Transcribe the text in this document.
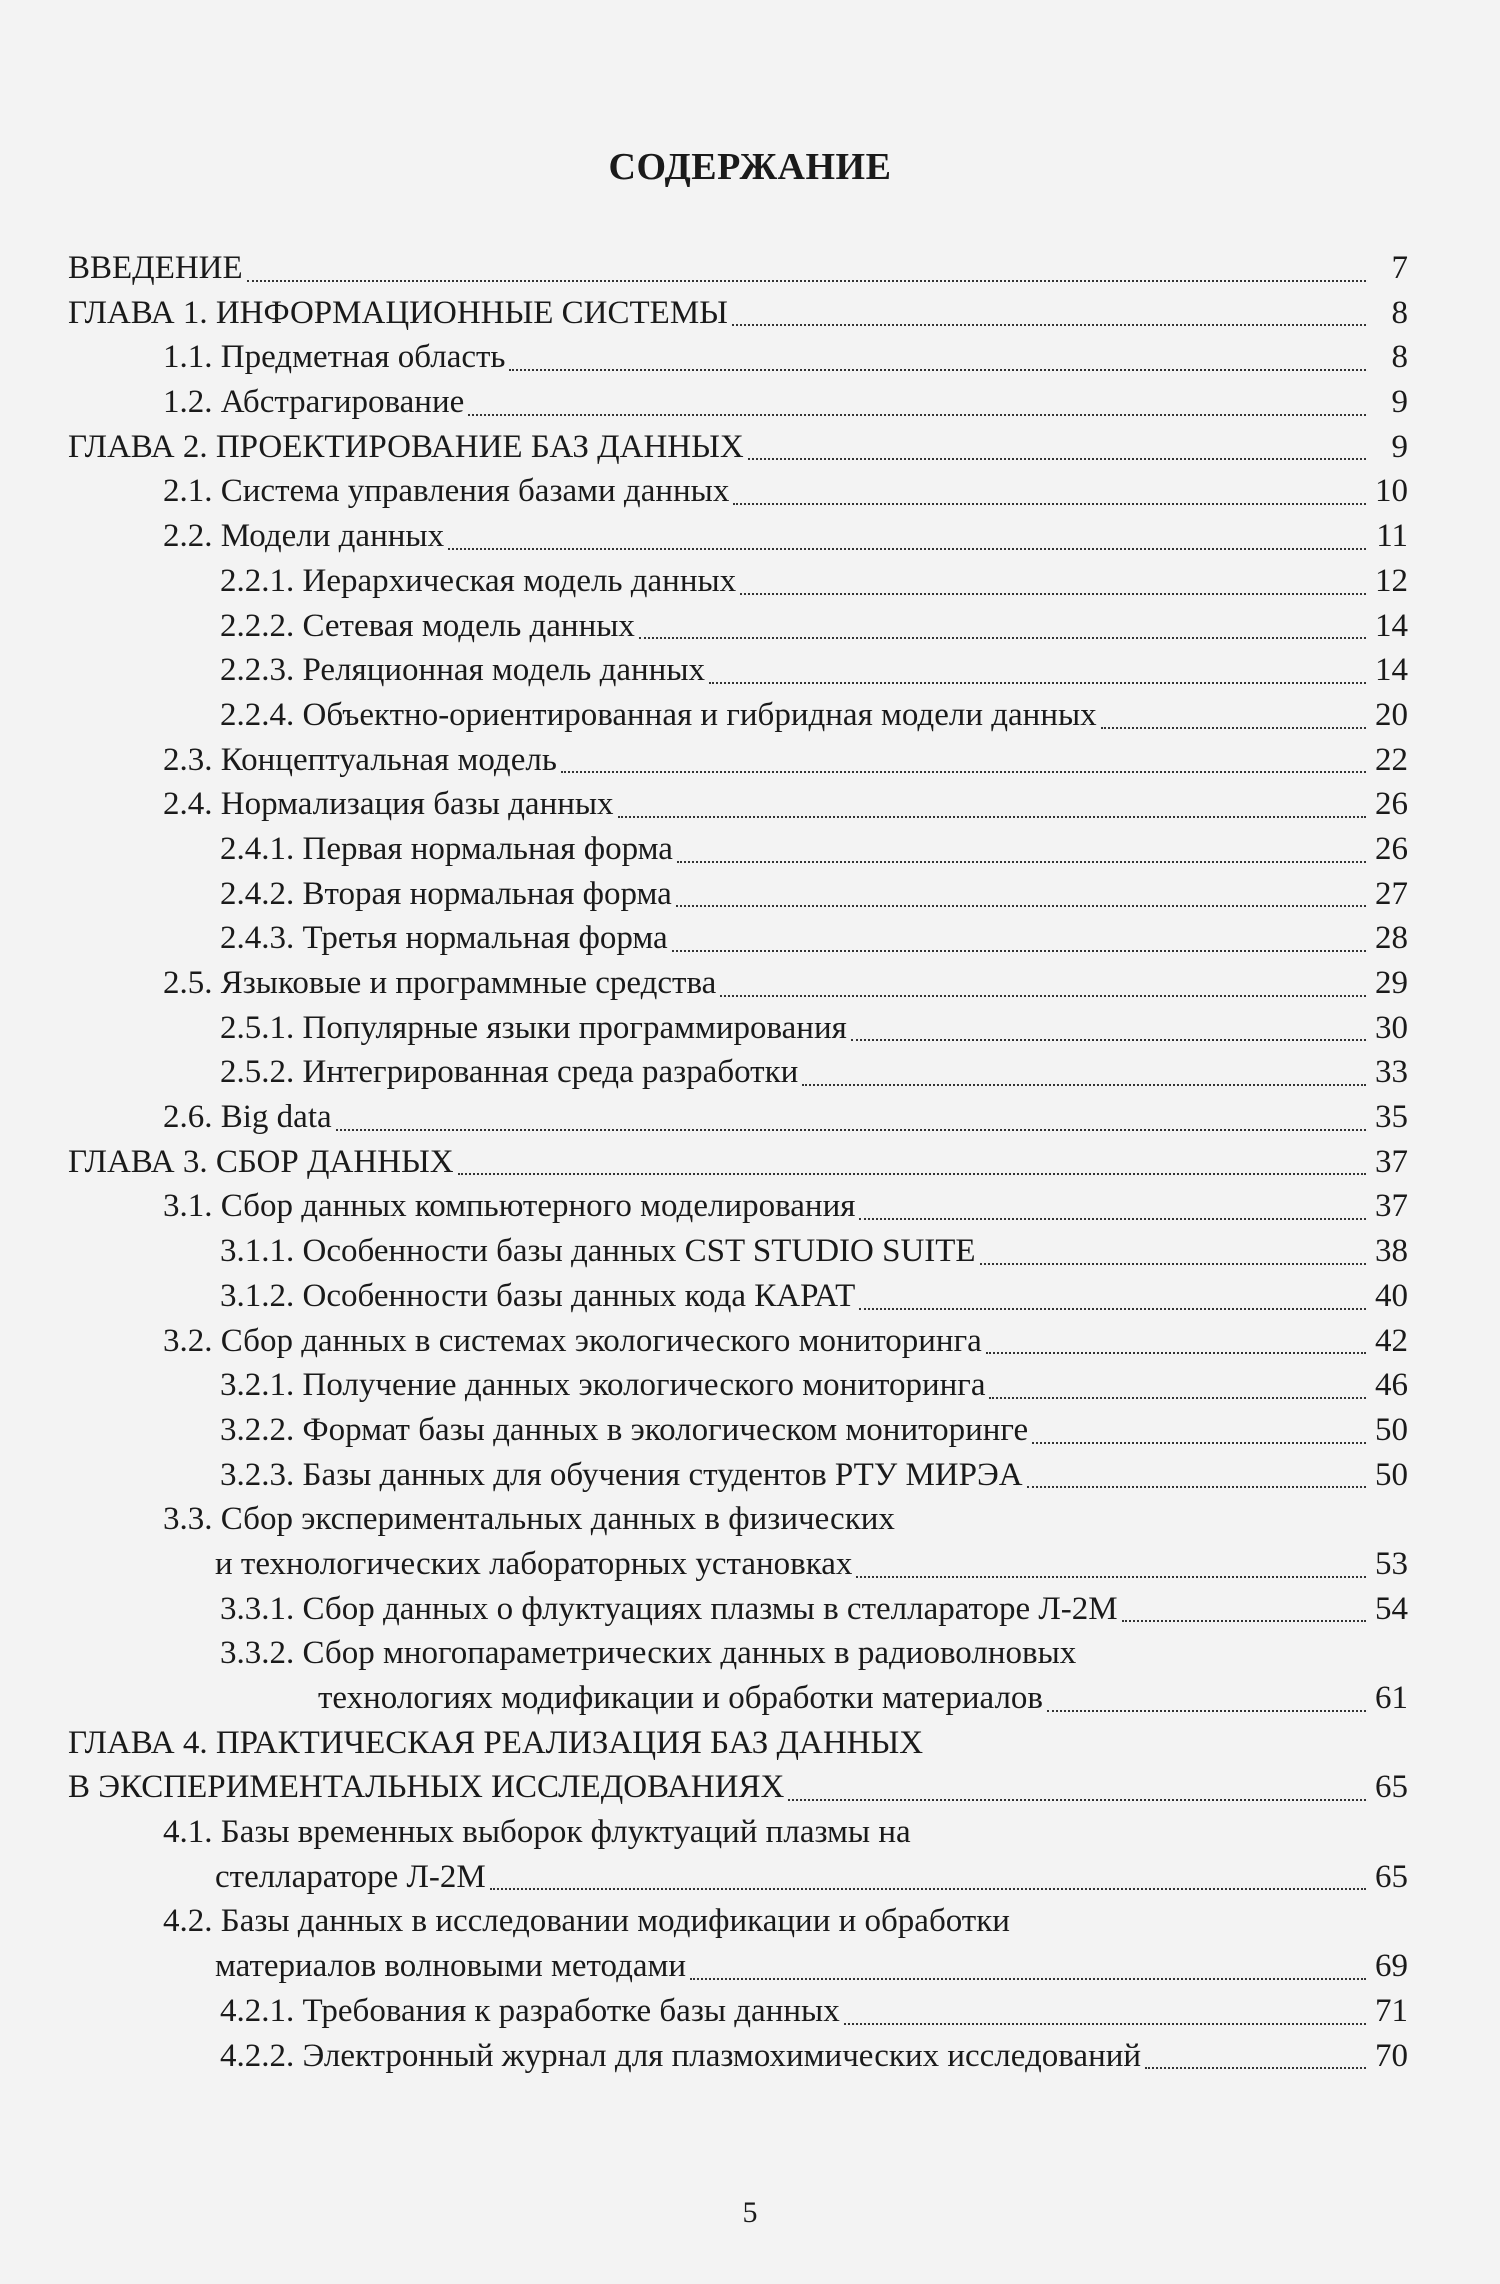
СОДЕРЖАНИЕ
ВВЕДЕНИЕ	7
ГЛАВА 1. ИНФОРМАЦИОННЫЕ СИСТЕМЫ	8
1.1. Предметная область	8
1.2. Абстрагирование	9
ГЛАВА 2. ПРОЕКТИРОВАНИЕ БАЗ ДАННЫХ	9
2.1. Система управления базами данных	10
2.2. Модели данных	11
2.2.1. Иерархическая модель данных	12
2.2.2. Сетевая модель данных	14
2.2.3. Реляционная модель данных	14
2.2.4. Объектно-ориентированная и гибридная модели данных	20
2.3. Концептуальная модель	22
2.4. Нормализация базы данных	26
2.4.1. Первая нормальная форма	26
2.4.2. Вторая нормальная форма	27
2.4.3. Третья нормальная форма	28
2.5. Языковые и программные средства	29
2.5.1. Популярные языки программирования	30
2.5.2. Интегрированная среда разработки	33
2.6. Big data	35
ГЛАВА 3. СБОР ДАННЫХ	37
3.1. Сбор данных компьютерного моделирования	37
3.1.1. Особенности базы данных CST STUDIO SUITE	38
3.1.2. Особенности базы данных кода КАРАТ	40
3.2. Сбор данных в системах экологического мониторинга	42
3.2.1. Получение данных экологического мониторинга	46
3.2.2. Формат базы данных в экологическом мониторинге	50
3.2.3. Базы данных для обучения студентов РТУ МИРЭА	50
3.3. Сбор экспериментальных данных в физических
и технологических лабораторных установках	53
3.3.1. Сбор данных о флуктуациях плазмы в стеллараторе Л-2М	54
3.3.2. Сбор многопараметрических данных в радиоволновых
технологиях модификации и обработки материалов	61
ГЛАВА 4. ПРАКТИЧЕСКАЯ РЕАЛИЗАЦИЯ БАЗ ДАННЫХ
В ЭКСПЕРИМЕНТАЛЬНЫХ ИССЛЕДОВАНИЯХ	65
4.1. Базы временных выборок флуктуаций плазмы на
стеллараторе Л-2М	65
4.2. Базы данных в исследовании модификации и обработки
материалов волновыми методами	69
4.2.1. Требования к разработке базы данных	71
4.2.2. Электронный журнал для плазмохимических исследований	70
5
